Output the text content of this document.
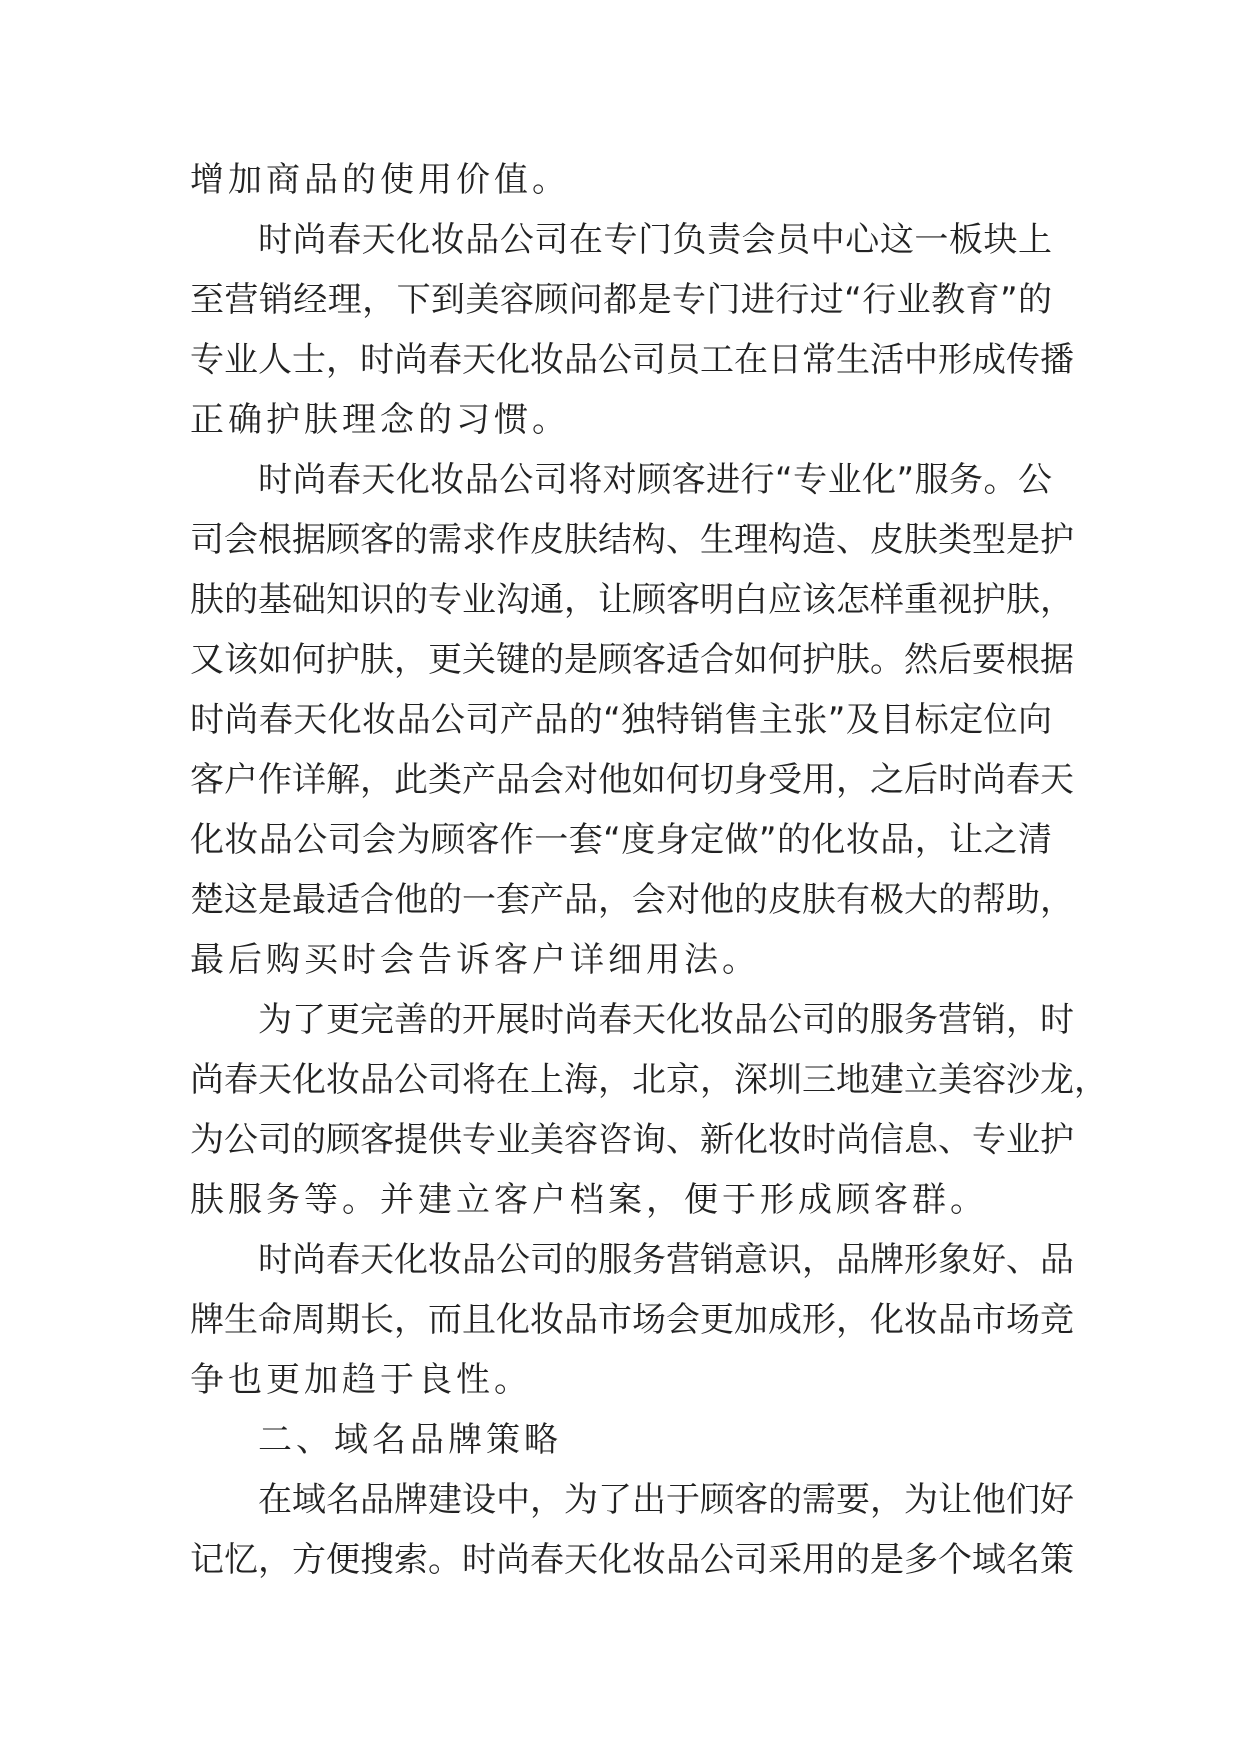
增加商品的使用价值。
时尚春天化妆品公司在专门负责会员中心这一板块上
至营销经理，下到美容顾问都是专门进行过“行业教育”的
专业人士，时尚春天化妆品公司员工在日常生活中形成传播
正确护肤理念的习惯。
时尚春天化妆品公司将对顾客进行“专业化”服务。公
司会根据顾客的需求作皮肤结构、生理构造、皮肤类型是护
肤的基础知识的专业沟通，让顾客明白应该怎样重视护肤，
又该如何护肤，更关键的是顾客适合如何护肤。然后要根据
时尚春天化妆品公司产品的“独特销售主张”及目标定位向
客户作详解，此类产品会对他如何切身受用，之后时尚春天
化妆品公司会为顾客作一套“度身定做”的化妆品，让之清
楚这是最适合他的一套产品，会对他的皮肤有极大的帮助，
最后购买时会告诉客户详细用法。
为了更完善的开展时尚春天化妆品公司的服务营销，时
尚春天化妆品公司将在上海，北京，深圳三地建立美容沙龙，
为公司的顾客提供专业美容咨询、新化妆时尚信息、专业护
肤服务等。并建立客户档案，便于形成顾客群。
时尚春天化妆品公司的服务营销意识，品牌形象好、品
牌生命周期长，而且化妆品市场会更加成形，化妆品市场竞
争也更加趋于良性。
二、域名品牌策略
在域名品牌建设中，为了出于顾客的需要，为让他们好
记忆，方便搜索。时尚春天化妆品公司采用的是多个域名策
